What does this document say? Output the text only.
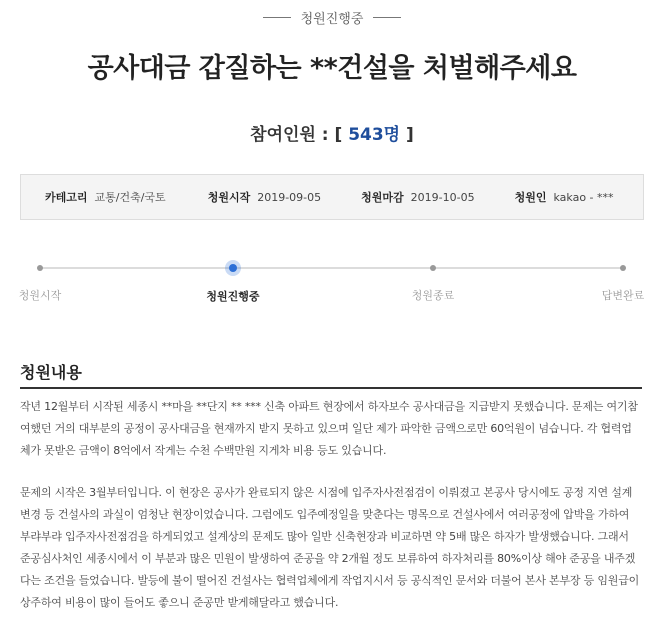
청원진행중
공사대금 갑질하는 **건설을 처벌해주세요
참여인원 : [ 543명 ]
카테고리 교통/건축/국토	청원시작 2019-09-05	청원마감 2019-10-05	청원인 kakao - ***
청원시작	청원진행중	청원종료	답변완료
청원내용

작년 12월부터 시작된 세종시 **마을 **단지 ** *** 신축 아파트 현장에서 하자보수 공사대금을 지급받지 못했습니다. 문제는 여기참여했던 거의 대부분의 공정이 공사대금을 현재까지 받지 못하고 있으며 일단 제가 파악한 금액으로만 60억원이 넘습니다. 각 협력업체가 못받은 금액이 8억에서 작게는 수천 수백만원 지게차 비용 등도 있습니다.

문제의 시작은 3월부터입니다. 이 현장은 공사가 완료되지 않은 시점에 입주자사전점검이 이뤄졌고 본공사 당시에도 공정 지연 설계변경 등 건설사의 과실이 엄청난 현장이었습니다. 그럼에도 입주예정일을 맞춘다는 명목으로 건설사에서 여러공정에 압박을 가하여 부랴부랴 입주자사전점검을 하게되었고 설계상의 문제도 많아 일반 신축현장과 비교하면 약 5배 많은 하자가 발생했습니다. 그래서 준공심사처인 세종시에서 이 부분과 많은 민원이 발생하여 준공을 약 2개월 정도 보류하여 하자처리를 80%이상 해야 준공을 내주겠다는 조건을 들었습니다. 발등에 불이 떨어진 건설사는 협력업체에게 작업지시서 등 공식적인 문서와 더불어 본사 본부장 등 임원급이 상주하여 비용이 많이 들어도 좋으니 준공만 받게해달라고 했습니다.
